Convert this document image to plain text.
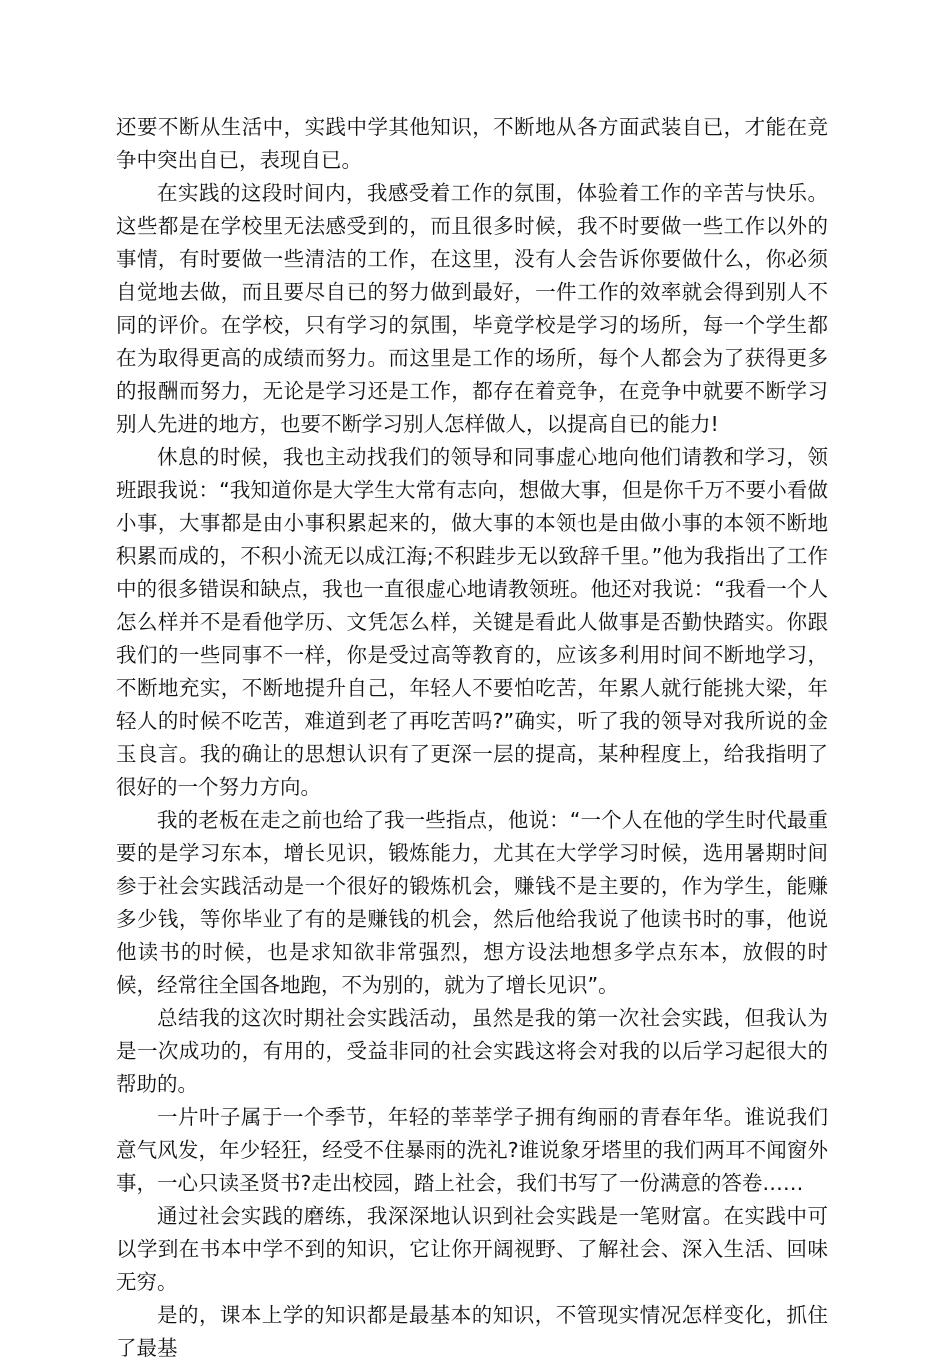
还要不断从生活中，实践中学其他知识，不断地从各方面武装自已，才能在竞争中突出自已，表现自已。

在实践的这段时间内，我感受着工作的氛围，体验着工作的辛苦与快乐。这些都是在学校里无法感受到的，而且很多时候，我不时要做一些工作以外的事情，有时要做一些清洁的工作，在这里，没有人会告诉你要做什么，你必须自觉地去做，而且要尽自已的努力做到最好，一件工作的效率就会得到别人不同的评价。在学校，只有学习的氛围，毕竟学校是学习的场所，每一个学生都在为取得更高的成绩而努力。而这里是工作的场所，每个人都会为了获得更多的报酬而努力，无论是学习还是工作，都存在着竞争，在竞争中就要不断学习别人先进的地方，也要不断学习别人怎样做人，以提高自已的能力!

休息的时候，我也主动找我们的领导和同事虚心地向他们请教和学习，领班跟我说：“我知道你是大学生大常有志向，想做大事，但是你千万不要小看做小事，大事都是由小事积累起来的，做大事的本领也是由做小事的本领不断地积累而成的，不积小流无以成江海;不积跬步无以致辞千里。”他为我指出了工作中的很多错误和缺点，我也一直很虚心地请教领班。他还对我说：“我看一个人怎么样并不是看他学历、文凭怎么样，关键是看此人做事是否勤快踏实。你跟我们的一些同事不一样，你是受过高等教育的，应该多利用时间不断地学习，不断地充实，不断地提升自己，年轻人不要怕吃苦，年累人就行能挑大梁，年轻人的时候不吃苦，难道到老了再吃苦吗?”确实，听了我的领导对我所说的金玉良言。我的确让的思想认识有了更深一层的提高，某种程度上，给我指明了很好的一个努力方向。

我的老板在走之前也给了我一些指点，他说：“一个人在他的学生时代最重要的是学习东本，增长见识，锻炼能力，尤其在大学学习时候，选用暑期时间参于社会实践活动是一个很好的锻炼机会，赚钱不是主要的，作为学生，能赚多少钱，等你毕业了有的是赚钱的机会，然后他给我说了他读书时的事，他说他读书的时候，也是求知欲非常强烈，想方设法地想多学点东本，放假的时候，经常往全国各地跑，不为别的，就为了增长见识”。

总结我的这次时期社会实践活动，虽然是我的第一次社会实践，但我认为是一次成功的，有用的，受益非同的社会实践这将会对我的以后学习起很大的帮助的。

一片叶子属于一个季节，年轻的莘莘学子拥有绚丽的青春年华。谁说我们意气风发，年少轻狂，经受不住暴雨的洗礼?谁说象牙塔里的我们两耳不闻窗外事，一心只读圣贤书?走出校园，踏上社会，我们书写了一份满意的答卷……

通过社会实践的磨练，我深深地认识到社会实践是一笔财富。在实践中可以学到在书本中学不到的知识，它让你开阔视野、了解社会、深入生活、回味无穷。

是的，课本上学的知识都是最基本的知识，不管现实情况怎样变化，抓住了最基
